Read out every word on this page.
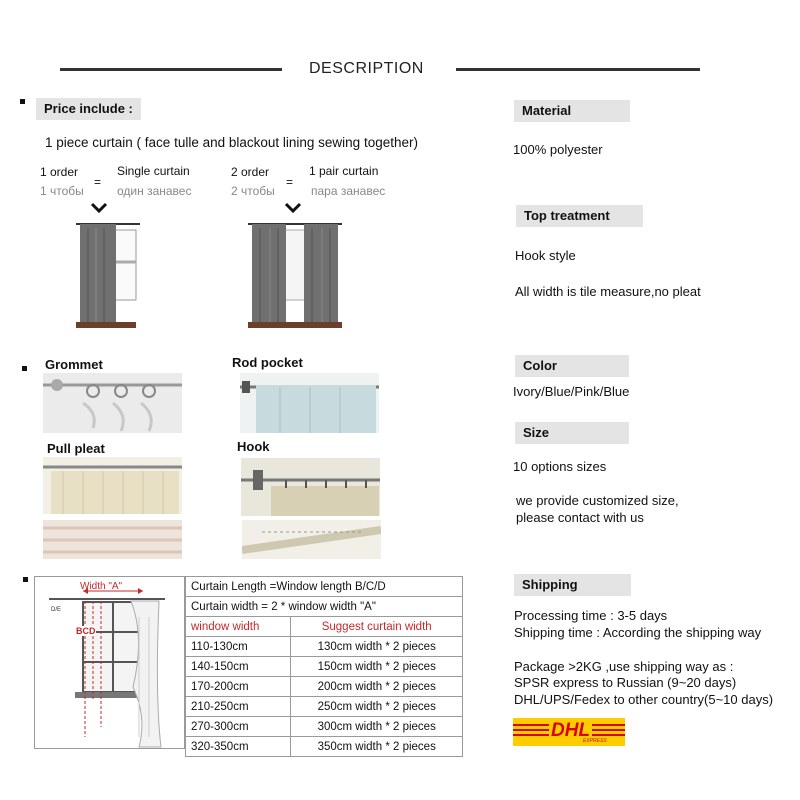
DESCRIPTION
Price include :
1 piece curtain ( face tulle and blackout lining sewing together)
1 order
1 чтобы
=
Single curtain
один занавес
2 order
2 чтобы
=
1 pair curtain
пара занавес
Grommet	Rod pocket
Pull pleat	Hook
D/E
Width "A"
BCD
Curtain Length =Window length B/C/D	
Curtain width = 2 * window width "A"	
window width	Suggest curtain width
110-130cm	130cm width * 2 pieces
140-150cm	150cm width * 2 pieces
170-200cm	200cm width * 2 pieces
210-250cm	250cm width * 2 pieces
270-300cm	300cm width * 2 pieces
320-350cm	350cm width * 2 pieces
Material
100% polyester
Top treatment
Hook style
All width is tile measure,no pleat
Color
Ivory/Blue/Pink/Blue
Size
10 options sizes
we provide customized size,
please contact with us
Shipping
Processing time : 3-5 days
Shipping time : According the shipping way
Package >2KG ,use shipping way as :
SPSR express to Russian (9~20 days)
DHL/UPS/Fedex to other country(5~10 days)
DHL
EXPRESS
